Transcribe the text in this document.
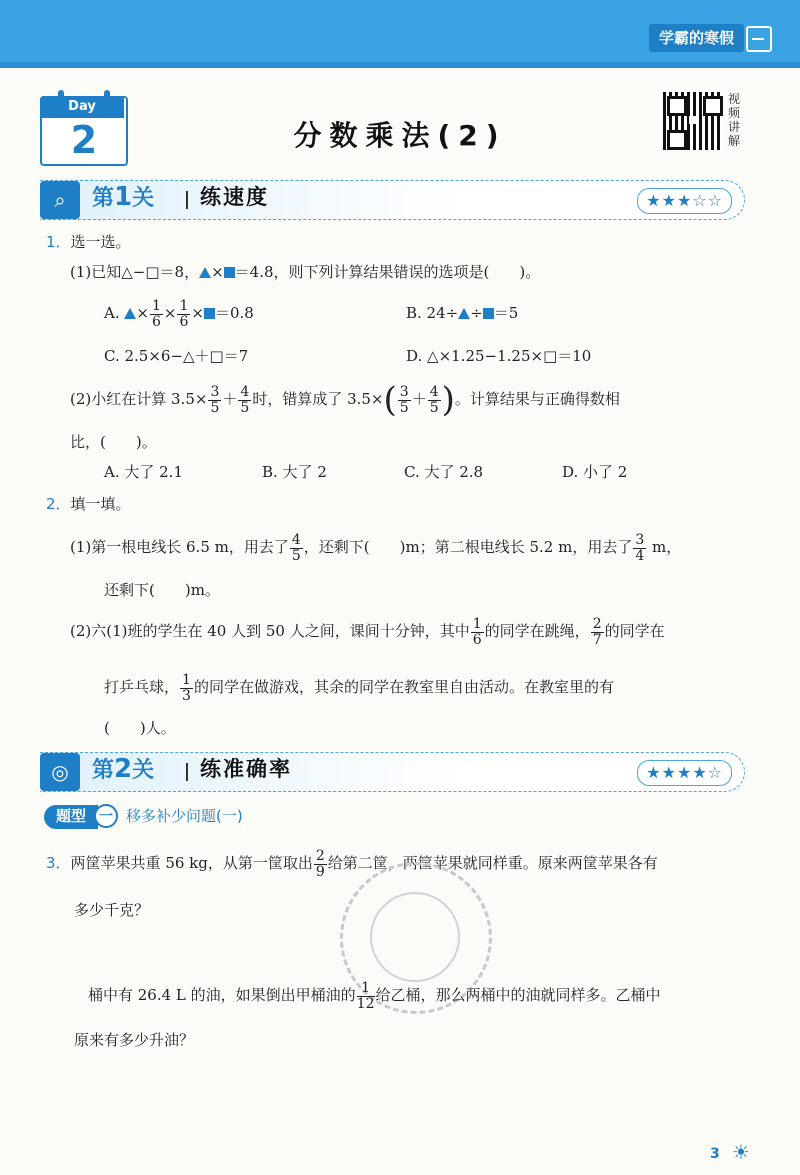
学霸的寒假
Day
2	分数乘法(2)
视
频
讲
解
⌕	第1关 练速度	★★★☆☆
1．选一选。
(1)已知△−□＝8， × ＝4.8，则下列计算结果错误的选项是(　　)。
A. × $\frac{1}{6} \times \frac{1}{6} \times =0.8$	B. 24÷ ÷ ＝5
C. 2.5×6−△＋□＝7	D. △×1.25−1.25×□＝10
(2)小红在计算 $3.5\times \frac{3}{5} + \frac{4}{5}$ 时，错算成了 $3.5\times( \frac{3}{5} + \frac{4}{5}$ )。计算结果与正确得数相
比，(　　)。
A. 大了 2.1	B. 大了 2	C. 大了 2.8	D. 小了 2
2．填一填。
(1)第一根电线长 6.5 m，用去了 $\frac{4}{5}$ ，还剩下(　　)m；第二根电线长 5.2 m，用去了 $\frac{3}{4}$ m，
还剩下(　　)m。
(2)六(1)班的学生在 40 人到 50 人之间，课间十分钟，其中 $\frac{1}{6}$ 的同学在跳绳， $\frac{2}{7}$ 的同学在
打乒乓球， $\frac{1}{3}$ 的同学在做游戏，其余的同学在教室里自由活动。在教室里的有
(　　)人。
◎	第2关 练准确率	★★★★☆
题型 一 移多补少问题(一)
3．两筐苹果共重 56 kg，从第一筐取出 $\frac{2}{9}$ 给第二筐，两筐苹果就同样重。原来两筐苹果各有
多少千克？
桶中有 26.4 L 的油，如果倒出甲桶油的 $\frac{1}{12}$ 给乙桶，那么两桶中的油就同样多。乙桶中
原来有多少升油？
3 ☀
